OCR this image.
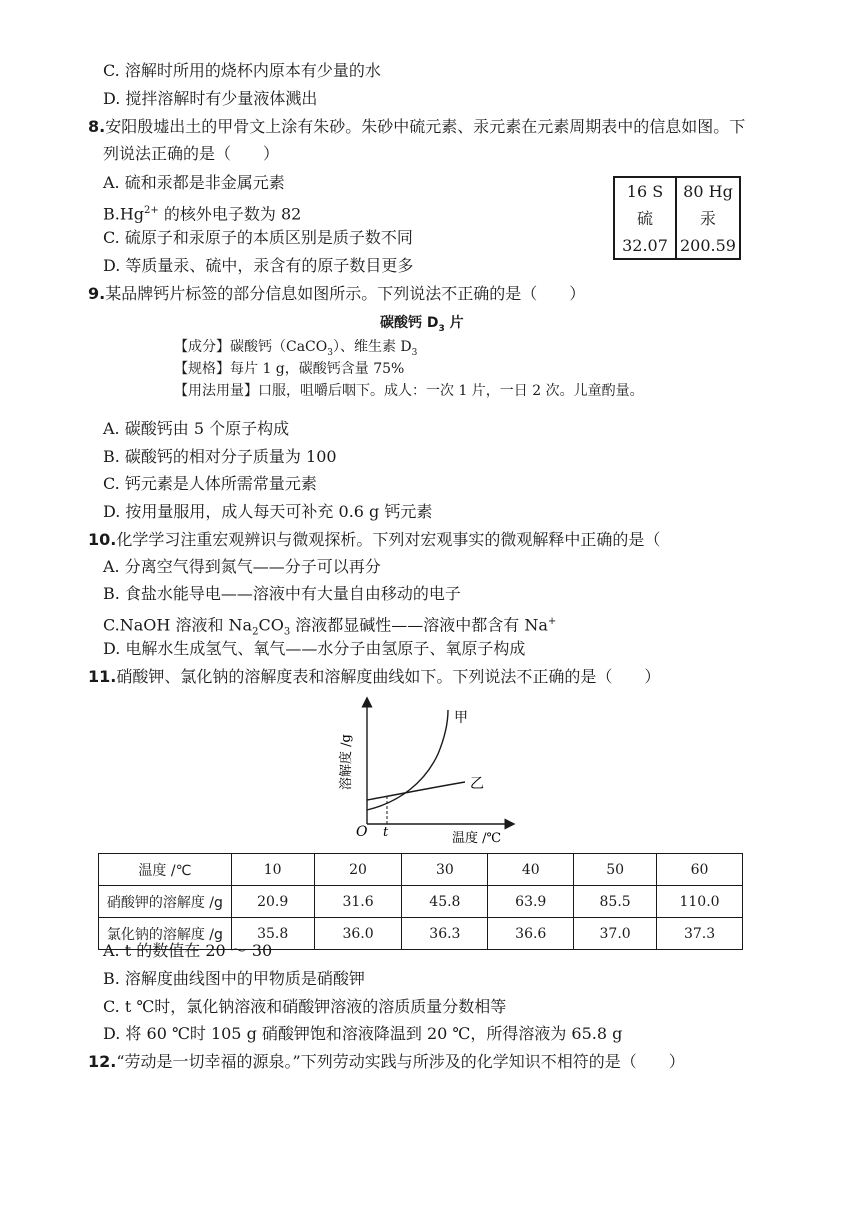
C. 溶解时所用的烧杯内原本有少量的水
D. 搅拌溶解时有少量液体溅出
8.安阳殷墟出土的甲骨文上涂有朱砂。朱砂中硫元素、汞元素在元素周期表中的信息如图。下
列说法正确的是（　　）
A. 硫和汞都是非金属元素
$B.Hg^{2+}$ 的核外电子数为 82
C. 硫原子和汞原子的本质区别是质子数不同
D. 等质量汞、硫中，汞含有的原子数目更多
16 S
硫
32.07
80 Hg
汞
200.59
9.某品牌钙片标签的部分信息如图所示。下列说法不正确的是（　　）
碳酸钙 $D_3$ 片
【成分】碳酸钙（CaCO$_3$）、维生素 $D_3$
【规格】每片 1 g，碳酸钙含量 75%
【用法用量】口服，咀嚼后咽下。成人：一次 1 片，一日 2 次。儿童酌量。
A. 碳酸钙由 5 个原子构成
B. 碳酸钙的相对分子质量为 100
C. 钙元素是人体所需常量元素
D. 按用量服用，成人每天可补充 0.6 g 钙元素
10.化学学习注重宏观辨识与微观探析。下列对宏观事实的微观解释中正确的是（
A. 分离空气得到氮气——分子可以再分
B. 食盐水能导电——溶液中有大量自由移动的电子
C.NaOH 溶液和 $Na_2CO_3$ 溶液都显碱性——溶液中都含有 Na+
D. 电解水生成氢气、氧气——水分子由氢原子、氧原子构成
11.硝酸钾、氯化钠的溶解度表和溶解度曲线如下。下列说法不正确的是（　　）
O t
甲
乙
温度 /℃
溶解度 /g
温度 /℃	10	20	30	40	50	60
硝酸钾的溶解度 /g	20.9	31.6	45.8	63.9	85.5	110.0
氯化钠的溶解度 /g	35.8	36.0	36.3	36.6	37.0	37.3
A. t 的数值在 20 ～ 30
B. 溶解度曲线图中的甲物质是硝酸钾
C. t ℃时，氯化钠溶液和硝酸钾溶液的溶质质量分数相等
D. 将 60 ℃时 105 g 硝酸钾饱和溶液降温到 20 ℃，所得溶液为 65.8 g
12.“劳动是一切幸福的源泉。”下列劳动实践与所涉及的化学知识不相符的是（　　）
